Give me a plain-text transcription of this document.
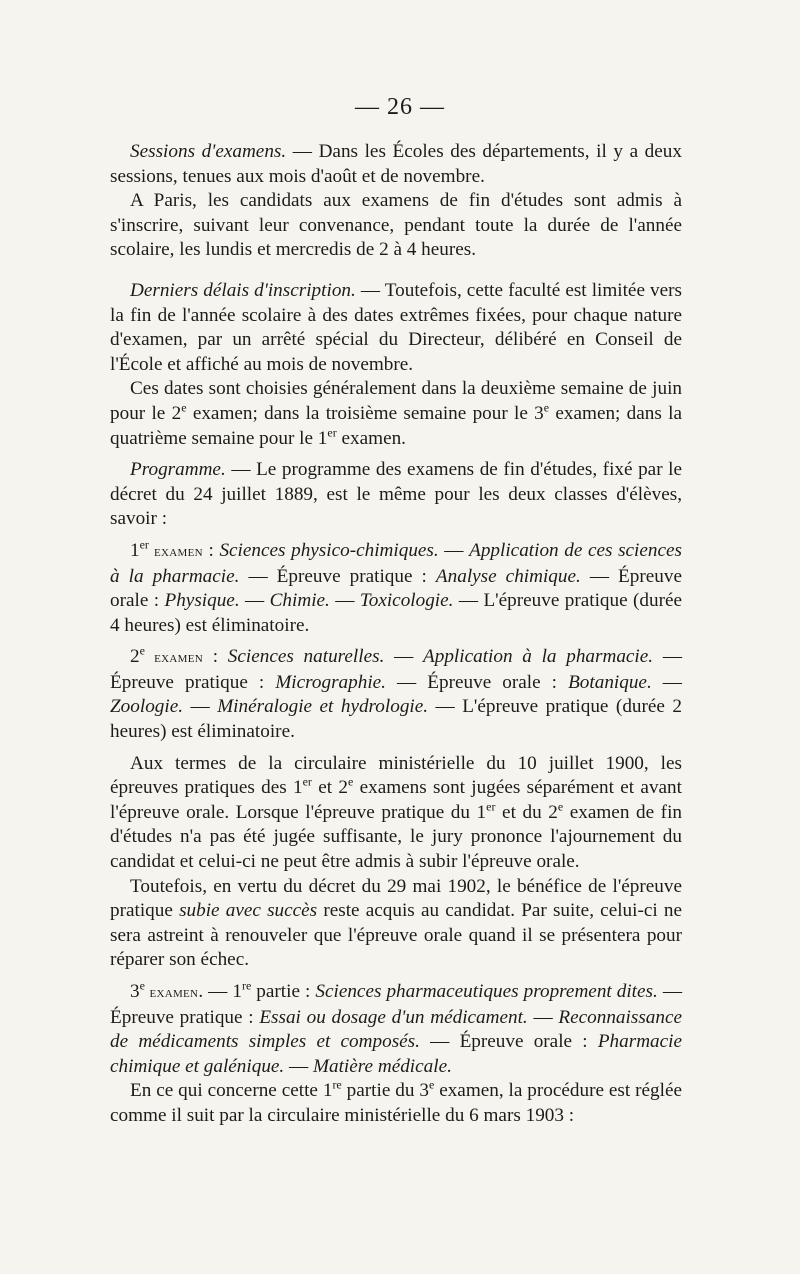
— 26 —

Sessions d'examens. — Dans les Écoles des départements, il y a deux sessions, tenues aux mois d'août et de novembre.

A Paris, les candidats aux examens de fin d'études sont admis à s'inscrire, suivant leur convenance, pendant toute la durée de l'année scolaire, les lundis et mercredis de 2 à 4 heures.

Derniers délais d'inscription. — Toutefois, cette faculté est limitée vers la fin de l'année scolaire à des dates extrêmes fixées, pour chaque nature d'examen, par un arrêté spécial du Directeur, délibéré en Conseil de l'École et affiché au mois de novembre.

Ces dates sont choisies généralement dans la deuxième semaine de juin pour le 2e examen; dans la troisième semaine pour le 3e examen; dans la quatrième semaine pour le 1er examen.

Programme. — Le programme des examens de fin d'études, fixé par le décret du 24 juillet 1889, est le même pour les deux classes d'élèves, savoir :

1er examen : Sciences physico-chimiques. — Application de ces sciences à la pharmacie. — Épreuve pratique : Analyse chimique. — Épreuve orale : Physique. — Chimie. — Toxicologie. — L'épreuve pratique (durée 4 heures) est éliminatoire.

2e examen : Sciences naturelles. — Application à la pharmacie. — Épreuve pratique : Micrographie. — Épreuve orale : Botanique. — Zoologie. — Minéralogie et hydrologie. — L'épreuve pratique (durée 2 heures) est éliminatoire.

Aux termes de la circulaire ministérielle du 10 juillet 1900, les épreuves pratiques des 1er et 2e examens sont jugées séparément et avant l'épreuve orale. Lorsque l'épreuve pratique du 1er et du 2e examen de fin d'études n'a pas été jugée suffisante, le jury prononce l'ajournement du candidat et celui-ci ne peut être admis à subir l'épreuve orale.

Toutefois, en vertu du décret du 29 mai 1902, le bénéfice de l'épreuve pratique subie avec succès reste acquis au candidat. Par suite, celui-ci ne sera astreint à renouveler que l'épreuve orale quand il se présentera pour réparer son échec.

3e examen. — 1re partie : Sciences pharmaceutiques proprement dites. — Épreuve pratique : Essai ou dosage d'un médicament. — Reconnaissance de médicaments simples et composés. — Épreuve orale : Pharmacie chimique et galénique. — Matière médicale.

En ce qui concerne cette 1re partie du 3e examen, la procédure est réglée comme il suit par la circulaire ministérielle du 6 mars 1903 :
